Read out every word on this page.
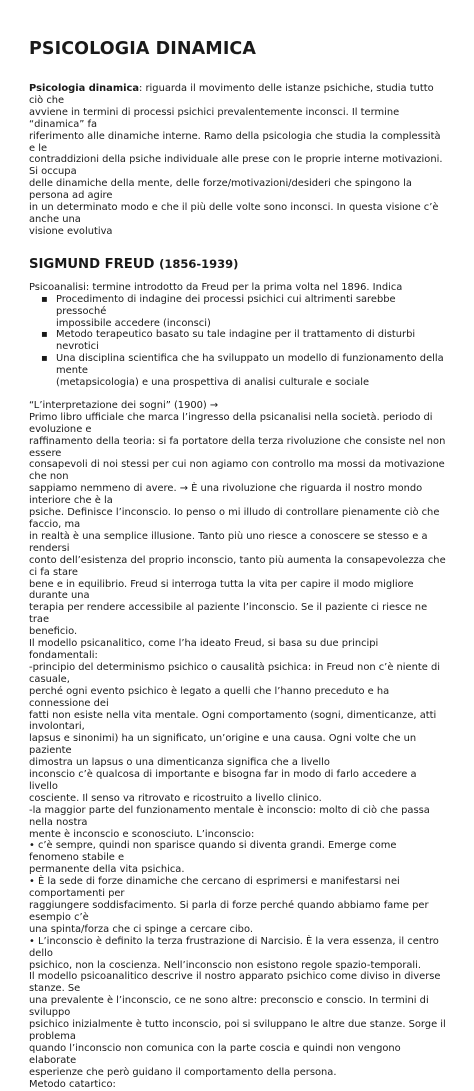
PSICOLOGIA DINAMICA
Psicologia dinamica: riguarda il movimento delle istanze psichiche, studia tutto ciò che
avviene in termini di processi psichici prevalentemente inconsci. Il termine “dinamica” fa
riferimento alle dinamiche interne. Ramo della psicologia che studia la complessità e le
contraddizioni della psiche individuale alle prese con le proprie interne motivazioni. Si occupa
delle dinamiche della mente, delle forze/motivazioni/desideri che spingono la persona ad agire
in un determinato modo e che il più delle volte sono inconsci. In questa visione c’è anche una
visione evolutiva
SIGMUND FREUD (1856-1939)
Psicoanalisi: termine introdotto da Freud per la prima volta nel 1896. Indica
▪ Procedimento di indagine dei processi psichici cui altrimenti sarebbe pressoché
impossibile accedere (inconsci)
▪ Metodo terapeutico basato su tale indagine per il trattamento di disturbi nevrotici
▪ Una disciplina scientifica che ha sviluppato un modello di funzionamento della mente
(metapsicologia) e una prospettiva di analisi culturale e sociale
“L’interpretazione dei sogni” (1900) →
Primo libro ufficiale che marca l’ingresso della psicanalisi nella società. periodo di evoluzione e
raffinamento della teoria: si fa portatore della terza rivoluzione che consiste nel non essere
consapevoli di noi stessi per cui non agiamo con controllo ma mossi da motivazione che non
sappiamo nemmeno di avere. → È una rivoluzione che riguarda il nostro mondo interiore che è la
psiche. Definisce l’inconscio. Io penso o mi illudo di controllare pienamente ciò che faccio, ma
in realtà è una semplice illusione. Tanto più uno riesce a conoscere se stesso e a rendersi
conto dell’esistenza del proprio inconscio, tanto più aumenta la consapevolezza che ci fa stare
bene e in equilibrio. Freud si interroga tutta la vita per capire il modo migliore durante una
terapia per rendere accessibile al paziente l’inconscio. Se il paziente ci riesce ne trae
beneficio.
Il modello psicanalitico, come l’ha ideato Freud, si basa su due principi fondamentali:
-principio del determinismo psichico o causalità psichica: in Freud non c’è niente di casuale,
perché ogni evento psichico è legato a quelli che l’hanno preceduto e ha connessione dei
fatti non esiste nella vita mentale. Ogni comportamento (sogni, dimenticanze, atti involontari,
lapsus e sinonimi) ha un significato, un’origine e una causa. Ogni volte che un paziente
dimostra un lapsus o una dimenticanza significa che a livello
inconscio c’è qualcosa di importante e bisogna far in modo di farlo accedere a livello
cosciente. Il senso va ritrovato e ricostruito a livello clinico.
-la maggior parte del funzionamento mentale è inconscio: molto di ciò che passa nella nostra
mente è inconscio e sconosciuto. L’inconscio:
• c’è sempre, quindi non sparisce quando si diventa grandi. Emerge come fenomeno stabile e
permanente della vita psichica.
• È la sede di forze dinamiche che cercano di esprimersi e manifestarsi nei comportamenti per
raggiungere soddisfacimento. Si parla di forze perché quando abbiamo fame per esempio c’è
una spinta/forza che ci spinge a cercare cibo.
• L’inconscio è definito la terza frustrazione di Narcisio. È la vera essenza, il centro dello
psichico, non la coscienza. Nell’inconscio non esistono regole spazio-temporali.
Il modello psicoanalitico descrive il nostro apparato psichico come diviso in diverse stanze. Se
una prevalente è l’inconscio, ce ne sono altre: preconscio e conscio. In termini di sviluppo
psichico inizialmente è tutto inconscio, poi si sviluppano le altre due stanze. Sorge il problema
quando l’inconscio non comunica con la parte coscia e quindi non vengono elaborate
esperienze che però guidano il comportamento della persona.
Metodo catartico:
